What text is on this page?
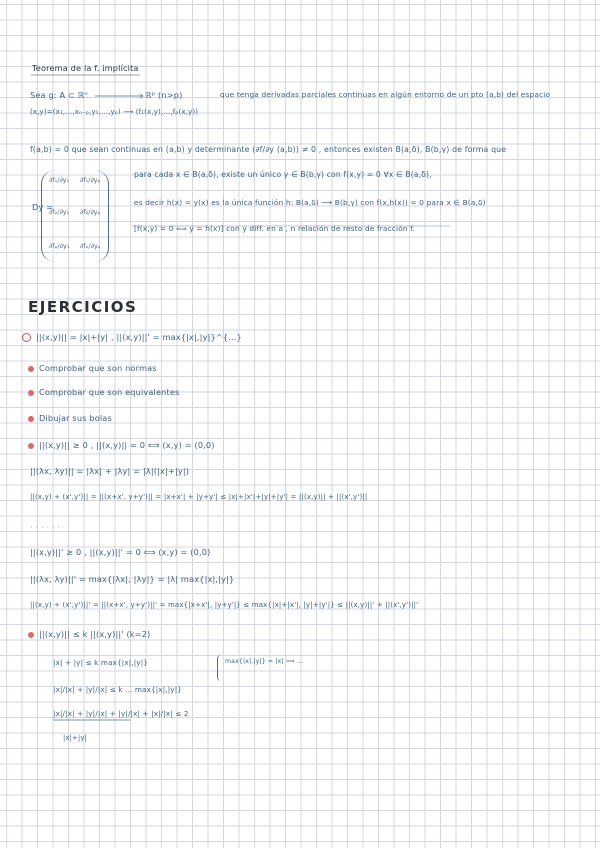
Teorema de la f. implícita
Sea g: A ⊂ ℝⁿ	ℝᵖ (n>p)	que tenga derivadas parciales continuas en algún entorno de un pto (a,b) del espacio
(x,y)=(x₁,...,xₙ₋ₚ,y₁,...,yₚ) ⟶ (f₁(x,y),...,fₚ(x,y))
f(a,b) = 0 que sean continuas en (a,b) y determinante (∂f/∂y (a,b)) ≠ 0 , entonces existen B(a,δ), B(b,γ) de forma que
para cada x ∈ B(a,δ), existe un único y ∈ B(b,γ) con f(x,y) = 0 ∀x ∈ B(a,δ),
Dy =
∂f₁/∂y₁ ∂f₁/∂yₚ
∂f₂/∂y₁ ∂f₂/∂yₚ
∂fₚ/∂y₁ ∂fₚ/∂yₚ
es decir h(x) = y(x) es la única función h: B(a,δ) ⟶ B(b,γ) con f(x,h(x)) = 0 para x ∈ B(a,δ)
[f(x,y) = 0 ⟺ y = h(x)] con y diff. en a , n relación de resto de fracción f.
EJERCICIOS
||(x,y)|| = |x|+|y| , ||(x,y)||' = max{|x|,|y|}^{...}
Comprobar que son normas
Comprobar que son equivalentes
Dibujar sus bolas
||(x,y)|| ≥ 0 , ||(x,y)|| = 0 ⟺ (x,y) = (0,0)
||(λx, λy)|| = |λx| + |λy| = |λ|(|x|+|y|)
||(x,y) + (x',y')|| = ||(x+x', y+y')|| = |x+x'| + |y+y'| ≤ |x|+|x'|+|y|+|y'| = ||(x,y)|| + ||(x',y')||
· · · · · ·
||(x,y)||' ≥ 0 , ||(x,y)||' = 0 ⟺ (x,y) = (0,0)
||(λx, λy)||' = max{|λx|, |λy|} = |λ| max{|x|,|y|}
||(x,y) + (x',y')||' = ||(x+x', y+y')||' = max{|x+x'|, |y+y'|} ≤ max{|x|+|x'|, |y|+|y'|} ≤ ||(x,y)||' + ||(x',y')||'
||(x,y)|| ≤ k ||(x,y)||' (k=2)
|x| + |y| ≤ k max{|x|,|y|}	max{|x|,|y|} = |x| ⟹ ...
|x|/|x| + |y|/|x| ≤ k ... max{|x|,|y|}
|x|/|x| + |y|/|x| + |y|/|x| + |x|/|x| ≤ 2
|x|+|y|
